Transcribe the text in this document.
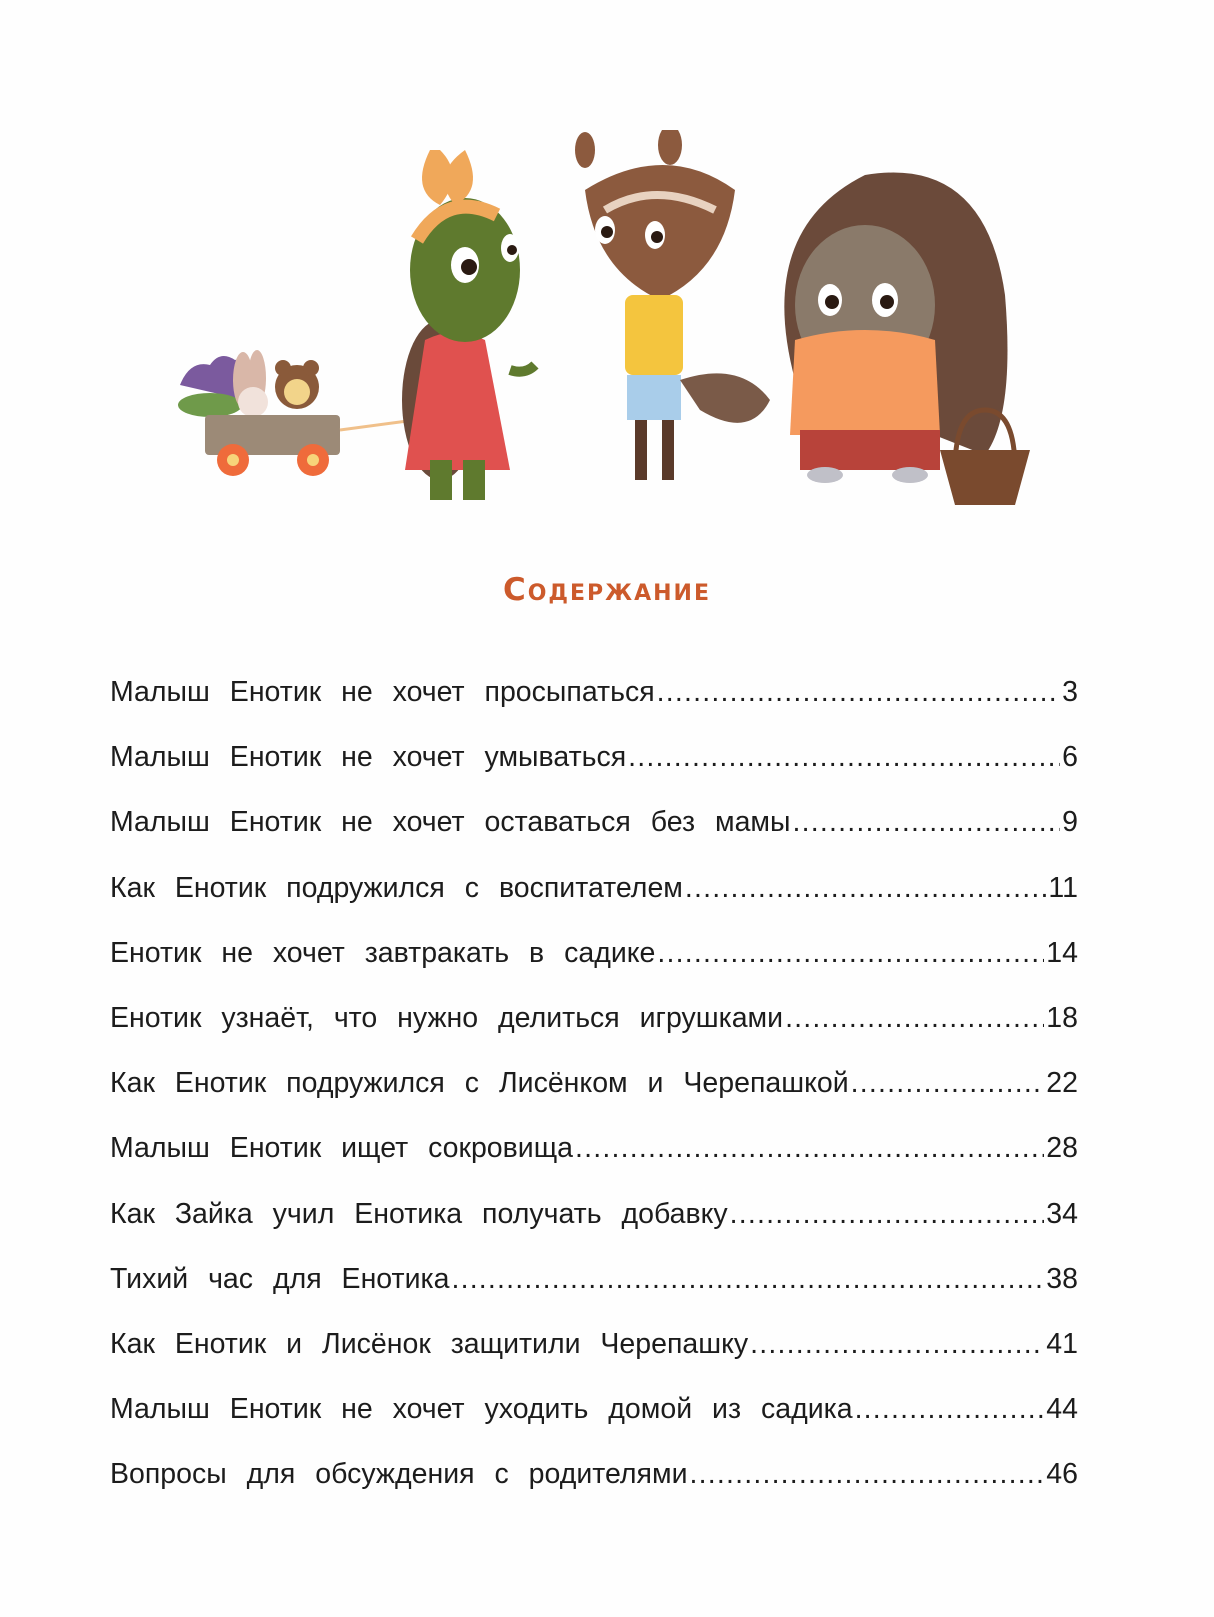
Содержание
Малыш Енотик не хочет просыпаться .....	3
Малыш Енотик не хочет умываться .....	6
Малыш Енотик не хочет оставаться без мамы .....	9
Как Енотик подружился с воспитателем .....	11
Енотик не хочет завтракать в садике .....	14
Енотик узнаёт, что нужно делиться игрушками .....	18
Как Енотик подружился с Лисёнком и Черепашкой .....	22
Малыш Енотик ищет сокровища .....	28
Как Зайка учил Енотика получать добавку .....	34
Тихий час для Енотика .....	38
Как Енотик и Лисёнок защитили Черепашку .....	41
Малыш Енотик не хочет уходить домой из садика .....	44
Вопросы для обсуждения с родителями .....	46
